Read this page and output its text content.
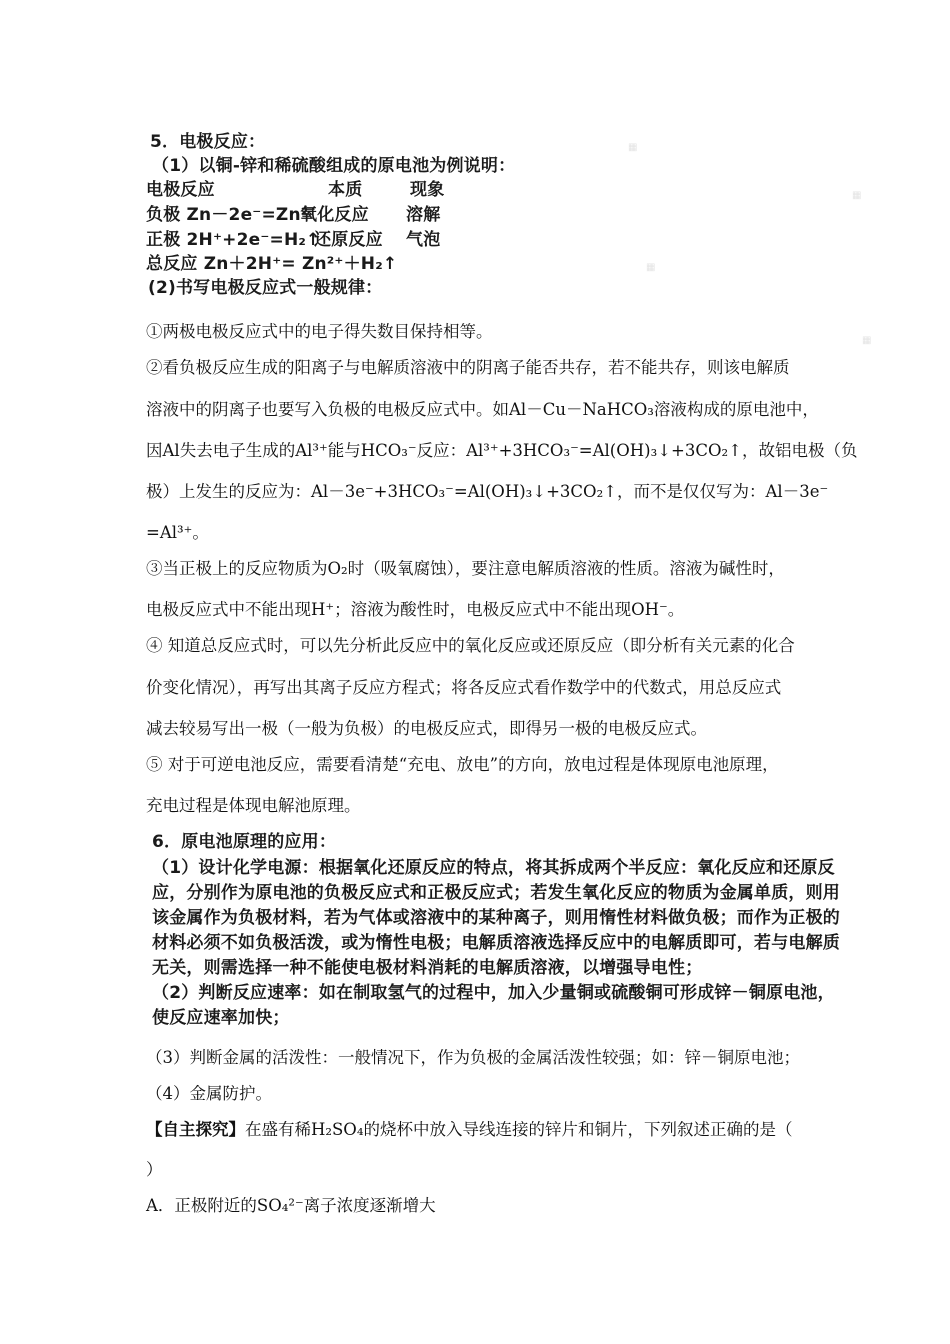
▦
▦
▦
▦
5．电极反应：
（1）以铜-锌和稀硫酸组成的原电池为例说明：
电极反应	本质	现象
负极 Zn－2e⁻=Zn²⁺
氧化反应 溶解
正极 2H⁺+2e⁻=H₂↑
还原反应 气泡
总反应 Zn＋2H⁺= Zn²⁺＋H₂↑
(2)书写电极反应式一般规律：
①两极电极反应式中的电子得失数目保持相等。
②看负极反应生成的阳离子与电解质溶液中的阴离子能否共存，若不能共存，则该电解质
溶液中的阴离子也要写入负极的电极反应式中。如Al－Cu－NaHCO₃溶液构成的原电池中，
因Al失去电子生成的Al³⁺能与HCO₃⁻反应：Al³⁺+3HCO₃⁻=Al(OH)₃↓+3CO₂↑，故铝电极（负
极）上发生的反应为：Al－3e⁻+3HCO₃⁻=Al(OH)₃↓+3CO₂↑，而不是仅仅写为：Al－3e⁻
=Al³⁺。
③当正极上的反应物质为O₂时（吸氧腐蚀），要注意电解质溶液的性质。溶液为碱性时，
电极反应式中不能出现H⁺；溶液为酸性时，电极反应式中不能出现OH⁻。
④ 知道总反应式时，可以先分析此反应中的氧化反应或还原反应（即分析有关元素的化合
价变化情况），再写出其离子反应方程式；将各反应式看作数学中的代数式，用总反应式
减去较易写出一极（一般为负极）的电极反应式，即得另一极的电极反应式。
⑤ 对于可逆电池反应，需要看清楚“充电、放电”的方向，放电过程是体现原电池原理，
充电过程是体现电解池原理。
6．原电池原理的应用：
（1）设计化学电源：根据氧化还原反应的特点，将其拆成两个半反应：氧化反应和还原反
应，分别作为原电池的负极反应式和正极反应式；若发生氧化反应的物质为金属单质，则用
该金属作为负极材料，若为气体或溶液中的某种离子，则用惰性材料做负极；而作为正极的
材料必须不如负极活泼，或为惰性电极；电解质溶液选择反应中的电解质即可，若与电解质
无关，则需选择一种不能使电极材料消耗的电解质溶液，以增强导电性；
（2）判断反应速率：如在制取氢气的过程中，加入少量铜或硫酸铜可形成锌－铜原电池，
使反应速率加快；
（3）判断金属的活泼性：一般情况下，作为负极的金属活泼性较强；如：锌－铜原电池；
（4）金属防护。
【自主探究】在盛有稀H₂SO₄的烧杯中放入导线连接的锌片和铜片，下列叙述正确的是（
）
A．正极附近的SO₄²⁻离子浓度逐渐增大
